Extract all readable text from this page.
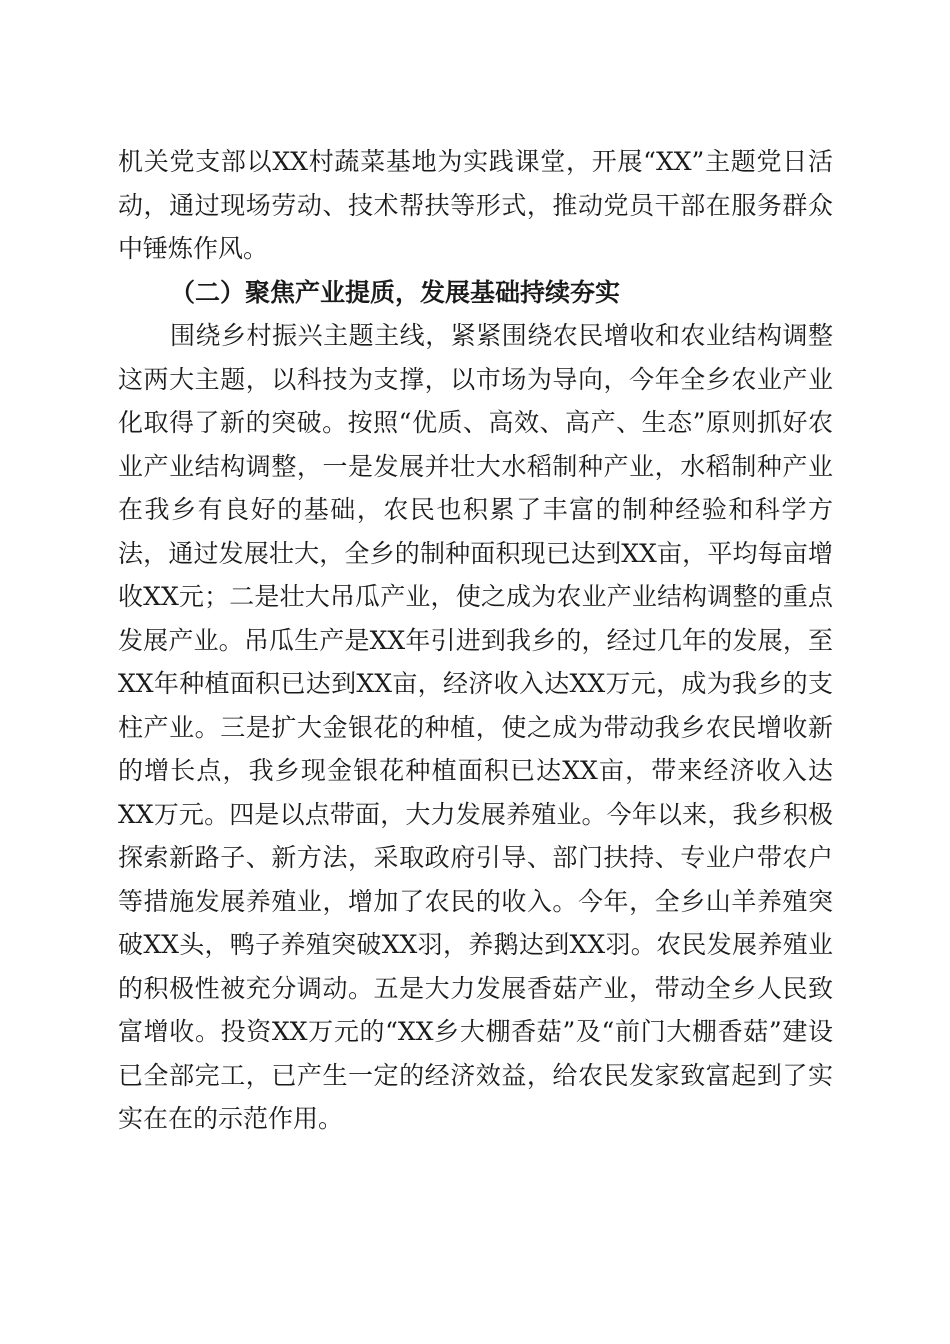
机关党支部以XX村蔬菜基地为实践课堂，开展“XX”主题党日活动，通过现场劳动、技术帮扶等形式，推动党员干部在服务群众中锤炼作风。

（二）聚焦产业提质，发展基础持续夯实

围绕乡村振兴主题主线，紧紧围绕农民增收和农业结构调整这两大主题，以科技为支撑，以市场为导向，今年全乡农业产业化取得了新的突破。按照“优质、高效、高产、生态”原则抓好农业产业结构调整，一是发展并壮大水稻制种产业，水稻制种产业在我乡有良好的基础，农民也积累了丰富的制种经验和科学方法，通过发展壮大，全乡的制种面积现已达到XX亩，平均每亩增收XX元；二是壮大吊瓜产业，使之成为农业产业结构调整的重点发展产业。吊瓜生产是XX年引进到我乡的，经过几年的发展，至XX年种植面积已达到XX亩，经济收入达XX万元，成为我乡的支柱产业。三是扩大金银花的种植，使之成为带动我乡农民增收新的增长点，我乡现金银花种植面积已达XX亩，带来经济收入达XX万元。四是以点带面，大力发展养殖业。今年以来，我乡积极探索新路子、新方法，采取政府引导、部门扶持、专业户带农户等措施发展养殖业，增加了农民的收入。今年，全乡山羊养殖突破XX头，鸭子养殖突破XX羽，养鹅达到XX羽。农民发展养殖业的积极性被充分调动。五是大力发展香菇产业，带动全乡人民致富增收。投资XX万元的“XX乡大棚香菇”及“前门大棚香菇”建设已全部完工，已产生一定的经济效益，给农民发家致富起到了实实在在的示范作用。
